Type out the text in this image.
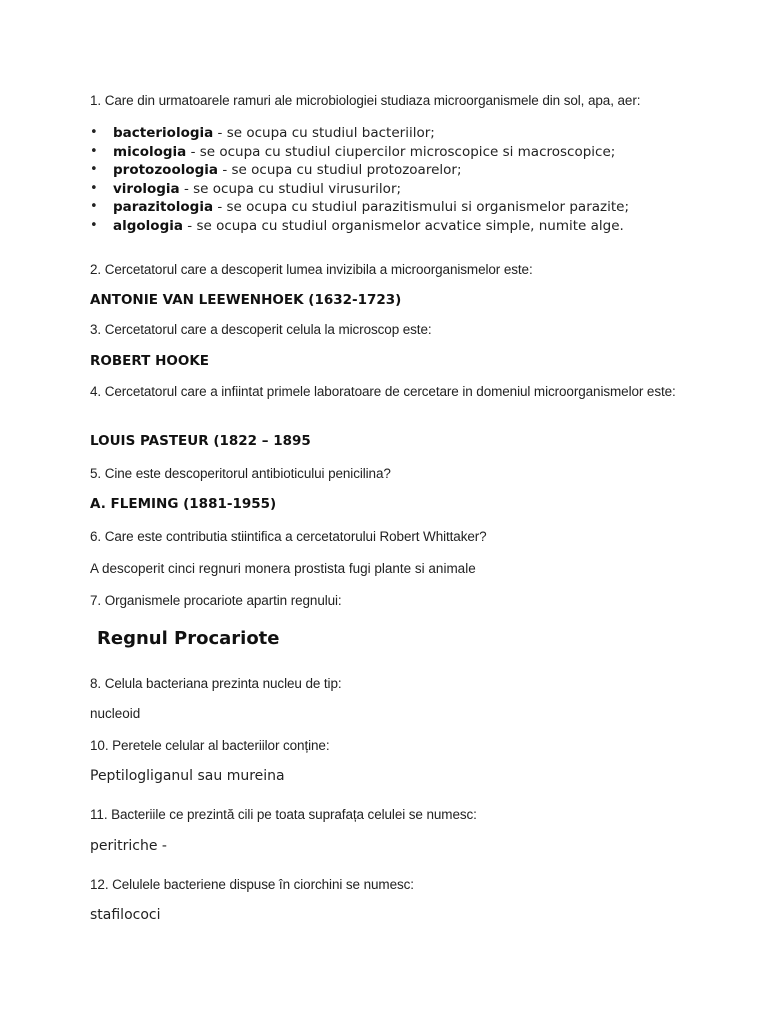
1. Care din urmatoarele ramuri ale microbiologiei studiaza microorganismele din sol, apa, aer:
• bacteriologia - se ocupa cu studiul bacteriilor;
• micologia - se ocupa cu studiul ciupercilor microscopice si macroscopice;
• protozoologia - se ocupa cu studiul protozoarelor;
• virologia - se ocupa cu studiul virusurilor;
• parazitologia - se ocupa cu studiul parazitismului si organismelor parazite;
• algologia - se ocupa cu studiul organismelor acvatice simple, numite alge.
2. Cercetatorul care a descoperit lumea invizibila a microorganismelor este:
ANTONIE VAN LEEWENHOEK (1632-1723)
3. Cercetatorul care a descoperit celula la microscop este:
ROBERT HOOKE
4. Cercetatorul care a infiintat primele laboratoare de cercetare in domeniul microorganismelor este:
LOUIS PASTEUR (1822 – 1895
5. Cine este descoperitorul antibioticului penicilina?
A. FLEMING (1881-1955)
6. Care este contributia stiintifica a cercetatorului Robert Whittaker?
A descoperit cinci regnuri monera prostista fugi plante si animale
7. Organismele procariote apartin regnului:
Regnul Procariote
8. Celula bacteriana prezinta nucleu de tip:
nucleoid
10. Peretele celular al bacteriilor conține:
Peptilogliganul sau mureina
11. Bacteriile ce prezintă cili pe toata suprafața celulei se numesc:
peritriche -
12. Celulele bacteriene dispuse în ciorchini se numesc:
stafilococi
